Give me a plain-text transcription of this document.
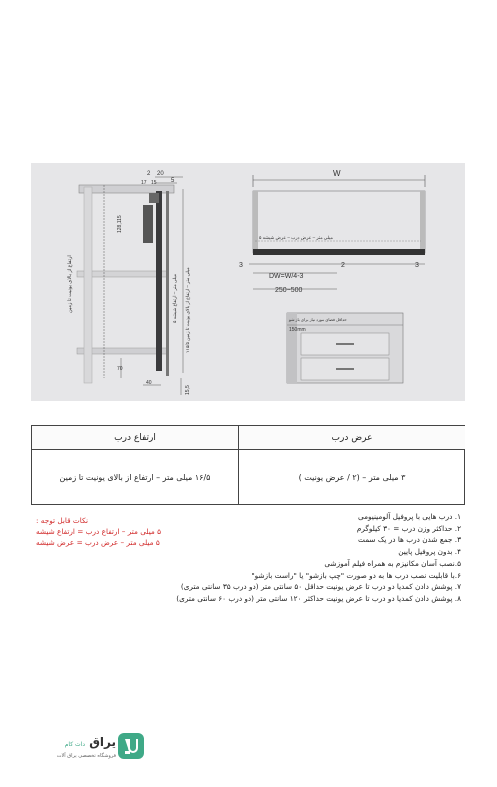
2 20
5
17 15
128,115
70
40
15,5
ارتفاع از بالای یونیت تا زمین
۵ میلی متر – ارتفاع شیشه
۱۱۵/۵ میلی متر – ارتفاع از بالای یونیت تا زمین
W
۵ میلی متر – عرض درب – عرض شیشه
3	3
2
DW=W/4-3
250~500
حداقل فضای مورد نیاز برای باز شو
150mm
عرض درب
ارتفاع درب
۳ میلی متر – (۲ / عرض یونیت )
۱۶/۵ میلی متر – ارتفاع از بالای یونیت تا زمین
۱. درب هایی با پروفیل آلومینیومی
۲. حداکثر وزن درب = ۳۰ کیلوگرم
۳. جمع شدن درب ها در یک سمت
۴. بدون پروفیل پایین
۵.نصب آسان مکانیزم به همراه فیلم آموزشی
۶.با قابلیت نصب درب ها به دو صورت "چپ بازشو" یا "راست بازشو"
۷. پوشش دادن کمدیا دو درب تا عرض یونیت حداقل ۵۰ سانتی متر (دو درب ۳۵ سانتی متری)
۸. پوشش دادن کمدیا دو درب تا عرض یونیت حداکثر ۱۲۰ سانتی متر (دو درب ۶۰ سانتی متری)
نکات قابل توجه :
۵ میلی متر – ارتفاع درب = ارتفاع شیشه
۵ میلی متر – عرض درب = عرض شیشه
یراق دات کام
فروشگاه تخصصی یراق آلات
